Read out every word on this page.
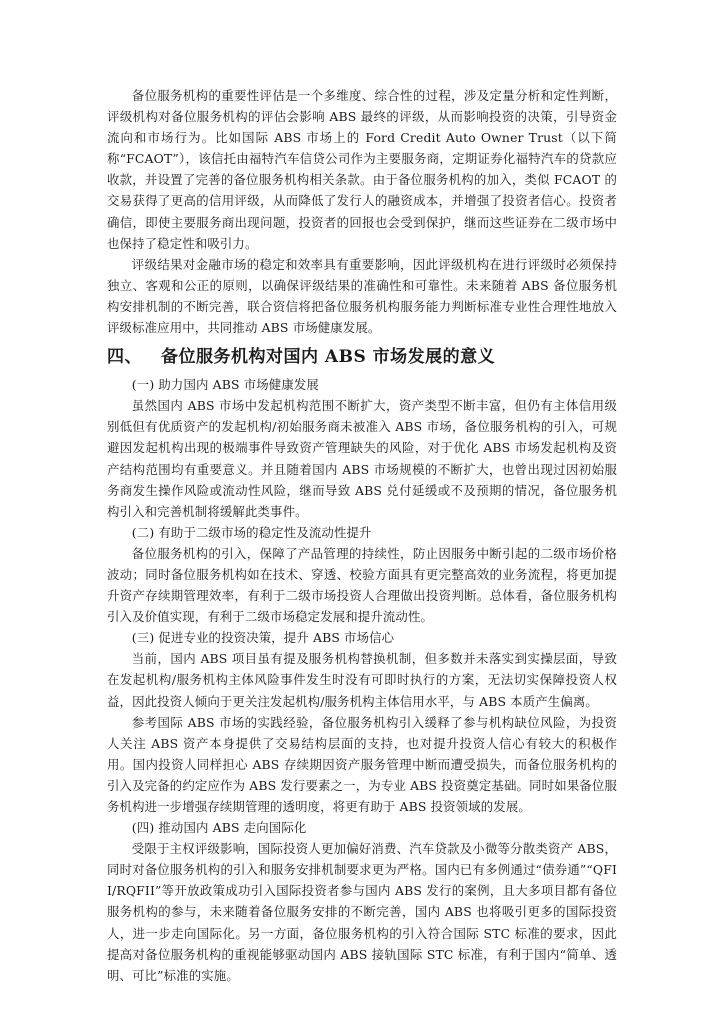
备位服务机构的重要性评估是一个多维度、综合性的过程，涉及定量分析和定性判断，评级机构对备位服务机构的评估会影响 ABS 最终的评级，从而影响投资的决策，引导资金流向和市场行为。比如国际 ABS 市场上的 Ford Credit Auto Owner Trust（以下简称“FCAOT”），该信托由福特汽车信贷公司作为主要服务商，定期证券化福特汽车的贷款应收款，并设置了完善的备位服务机构相关条款。由于备位服务机构的加入，类似 FCAOT 的交易获得了更高的信用评级，从而降低了发行人的融资成本，并增强了投资者信心。投资者确信，即使主要服务商出现问题，投资者的回报也会受到保护，继而这些证券在二级市场中也保持了稳定性和吸引力。

评级结果对金融市场的稳定和效率具有重要影响，因此评级机构在进行评级时必须保持独立、客观和公正的原则，以确保评级结果的准确性和可靠性。未来随着 ABS 备位服务机构安排机制的不断完善，联合资信将把备位服务机构服务能力判断标准专业性合理性地放入评级标准应用中，共同推动 ABS 市场健康发展。

四、	备位服务机构对国内 ABS 市场发展的意义

(一) 助力国内 ABS 市场健康发展

虽然国内 ABS 市场中发起机构范围不断扩大，资产类型不断丰富，但仍有主体信用级别低但有优质资产的发起机构/初始服务商未被准入 ABS 市场，备位服务机构的引入，可规避因发起机构出现的极端事件导致资产管理缺失的风险，对于优化 ABS 市场发起机构及资产结构范围均有重要意义。并且随着国内 ABS 市场规模的不断扩大，也曾出现过因初始服务商发生操作风险或流动性风险，继而导致 ABS 兑付延缓或不及预期的情况，备位服务机构引入和完善机制将缓解此类事件。

(二) 有助于二级市场的稳定性及流动性提升

备位服务机构的引入，保障了产品管理的持续性，防止因服务中断引起的二级市场价格波动；同时备位服务机构如在技术、穿透、校验方面具有更完整高效的业务流程，将更加提升资产存续期管理效率，有利于二级市场投资人合理做出投资判断。总体看，备位服务机构引入及价值实现，有利于二级市场稳定发展和提升流动性。

(三) 促进专业的投资决策，提升 ABS 市场信心

当前，国内 ABS 项目虽有提及服务机构替换机制，但多数并未落实到实操层面，导致在发起机构/服务机构主体风险事件发生时没有可即时执行的方案，无法切实保障投资人权益，因此投资人倾向于更关注发起机构/服务机构主体信用水平，与 ABS 本质产生偏离。

参考国际 ABS 市场的实践经验，备位服务机构引入缓释了参与机构缺位风险，为投资人关注 ABS 资产本身提供了交易结构层面的支持，也对提升投资人信心有较大的积极作用。国内投资人同样担心 ABS 存续期因资产服务管理中断而遭受损失，而备位服务机构的引入及完备的约定应作为 ABS 发行要素之一，为专业 ABS 投资奠定基础。同时如果备位服务机构进一步增强存续期管理的透明度，将更有助于 ABS 投资领域的发展。

(四) 推动国内 ABS 走向国际化

受限于主权评级影响，国际投资人更加偏好消费、汽车贷款及小微等分散类资产 ABS，同时对备位服务机构的引入和服务安排机制要求更为严格。国内已有多例通过“债券通”“QFII/RQFII”等开放政策成功引入国际投资者参与国内 ABS 发行的案例，且大多项目都有备位服务机构的参与，未来随着备位服务安排的不断完善，国内 ABS 也将吸引更多的国际投资人，进一步走向国际化。另一方面，备位服务机构的引入符合国际 STC 标准的要求，因此提高对备位服务机构的重视能够驱动国内 ABS 接轨国际 STC 标准，有利于国内“简单、透明、可比”标准的实施。
